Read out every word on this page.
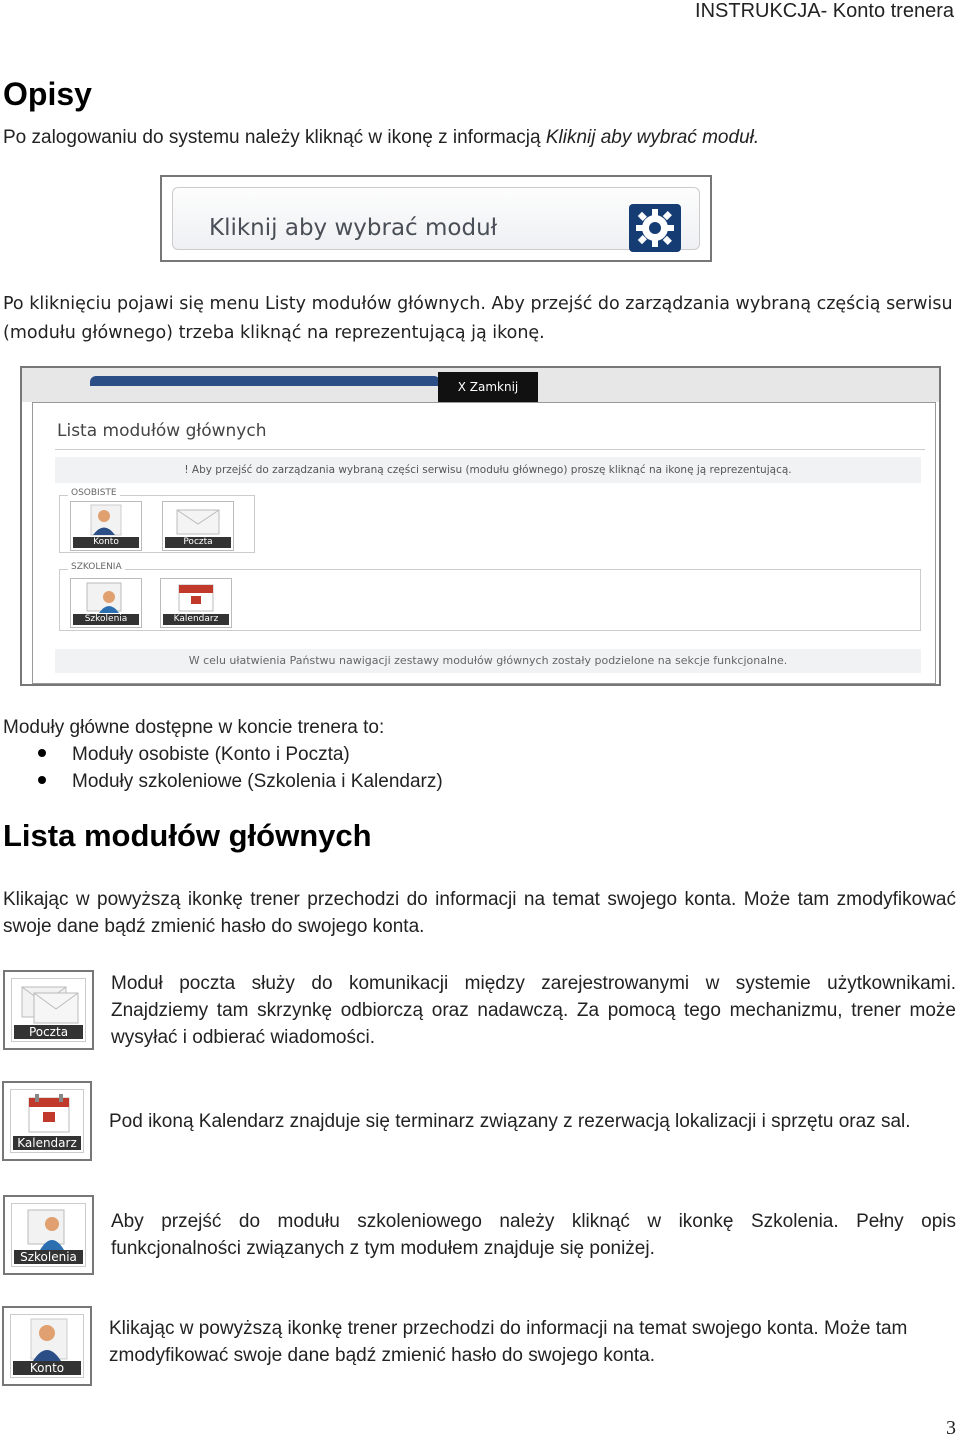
INSTRUKCJA- Konto trenera
Opisy
Po zalogowaniu do systemu należy kliknąć w ikonę z informacją Kliknij aby wybrać moduł.
Kliknij aby wybrać moduł
Po kliknięciu pojawi się menu Listy modułów głównych. Aby przejść do zarządzania wybraną częścią serwisu
(modułu głównego) trzeba kliknąć na reprezentującą ją ikonę.
X Zamknij
Lista modułów głównych
! Aby przejść do zarządzania wybraną części serwisu (modułu głównego) proszę kliknąć na ikonę ją reprezentującą.
OSOBISTE
Konto	Poczta
SZKOLENIA
Szkolenia	Kalendarz
W celu ułatwienia Państwu nawigacji zestawy modułów głównych zostały podzielone na sekcje funkcjonalne.
Moduły główne dostępne w koncie trenera to:
Moduły osobiste (Konto i Poczta)
Moduły szkoleniowe (Szkolenia i Kalendarz)
Lista modułów głównych
Klikając w powyższą ikonkę trener przechodzi do informacji na temat swojego konta. Może tam zmodyfikować swoje dane bądź zmienić hasło do swojego konta.
Poczta
Moduł poczta służy do komunikacji między zarejestrowanymi w systemie użytkownikami. Znajdziemy tam skrzynkę odbiorczą oraz nadawczą. Za pomocą tego mechanizmu, trener może wysyłać i odbierać wiadomości.
Kalendarz
Pod ikoną Kalendarz znajduje się terminarz związany z rezerwacją lokalizacji i sprzętu oraz sal.
Szkolenia
Aby przejść do modułu szkoleniowego należy kliknąć w ikonkę Szkolenia. Pełny opis funkcjonalności związanych z tym modułem znajduje się poniżej.
Konto
Klikając w powyższą ikonkę trener przechodzi do informacji na temat swojego konta. Może tam zmodyfikować swoje dane bądź zmienić hasło do swojego konta.
3
